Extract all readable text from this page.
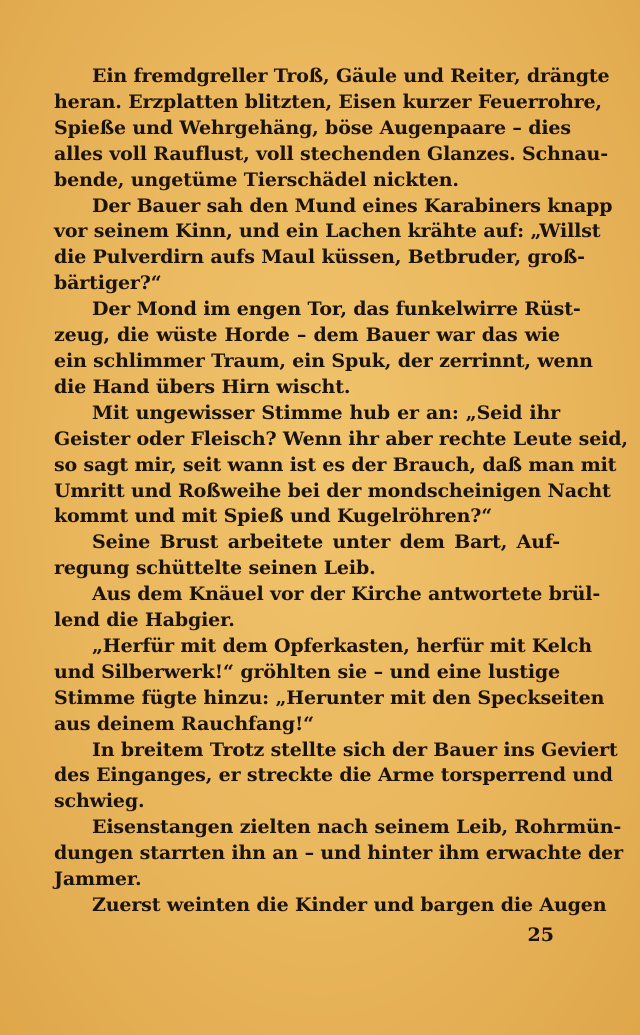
Ein fremdgreller Troß, Gäule und Reiter, drängte
heran. Erzplatten blitzten, Eisen kurzer Feuerrohre,
Spieße und Wehrgehäng, böse Augenpaare – dies
alles voll Rauflust, voll stechenden Glanzes. Schnau-
bende, ungetüme Tierschädel nickten.
Der Bauer sah den Mund eines Karabiners knapp
vor seinem Kinn, und ein Lachen krähte auf: „Willst
die Pulverdirn aufs Maul küssen, Betbruder, groß-
bärtiger?“
Der Mond im engen Tor, das funkelwirre Rüst-
zeug, die wüste Horde – dem Bauer war das wie
ein schlimmer Traum, ein Spuk, der zerrinnt, wenn
die Hand übers Hirn wischt.
Mit ungewisser Stimme hub er an: „Seid ihr
Geister oder Fleisch? Wenn ihr aber rechte Leute seid,
so sagt mir, seit wann ist es der Brauch, daß man mit
Umritt und Roßweihe bei der mondscheinigen Nacht
kommt und mit Spieß und Kugelröhren?“
Seine Brust arbeitete unter dem Bart, Auf-
regung schüttelte seinen Leib.
Aus dem Knäuel vor der Kirche antwortete brül-
lend die Habgier.
„Herfür mit dem Opferkasten, herfür mit Kelch
und Silberwerk!“ gröhlten sie – und eine lustige
Stimme fügte hinzu: „Herunter mit den Speckseiten
aus deinem Rauchfang!“
In breitem Trotz stellte sich der Bauer ins Geviert
des Einganges, er streckte die Arme torsperrend und
schwieg.
Eisenstangen zielten nach seinem Leib, Rohrmün-
dungen starrten ihn an – und hinter ihm erwachte der
Jammer.
Zuerst weinten die Kinder und bargen die Augen
25
